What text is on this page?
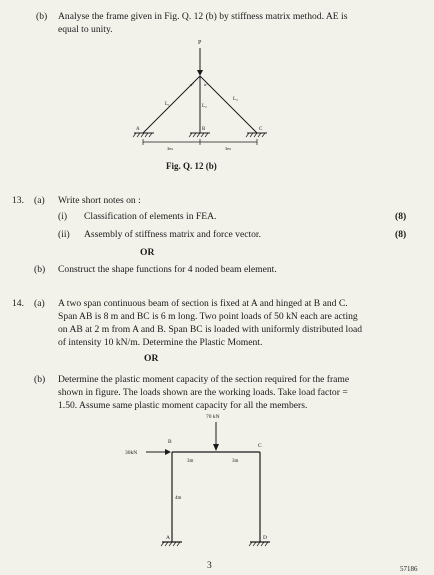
(b) Analyse the frame given in Fig. Q. 12 (b) by stiffness matrix method. AE is
equal to unity.
P
α° α°
L₁	L₂
L₃
A	B	C
3m	3m
Fig. Q. 12 (b)
13. (a) Write short notes on :
(i) Classification of elements in FEA.	(8)
(ii) Assembly of stiffness matrix and force vector.	(8)
OR
(b) Construct the shape functions for 4 noded beam element.
14. (a) A two span continuous beam of section is fixed at A and hinged at B and C.
Span AB is 8 m and BC is 6 m long. Two point loads of 50 kN each are acting
on AB at 2 m from A and B. Span BC is loaded with uniformly distributed load
of intensity 10 kN/m. Determine the Plastic Moment.
OR
(b) Determine the plastic moment capacity of the section required for the frame
shown in figure. The loads shown are the working loads. Take load factor =
1.50. Assume same plastic moment capacity for all the members.
70 kN
30kN
B
C
3m	3m
4m
A	D
3	57186
